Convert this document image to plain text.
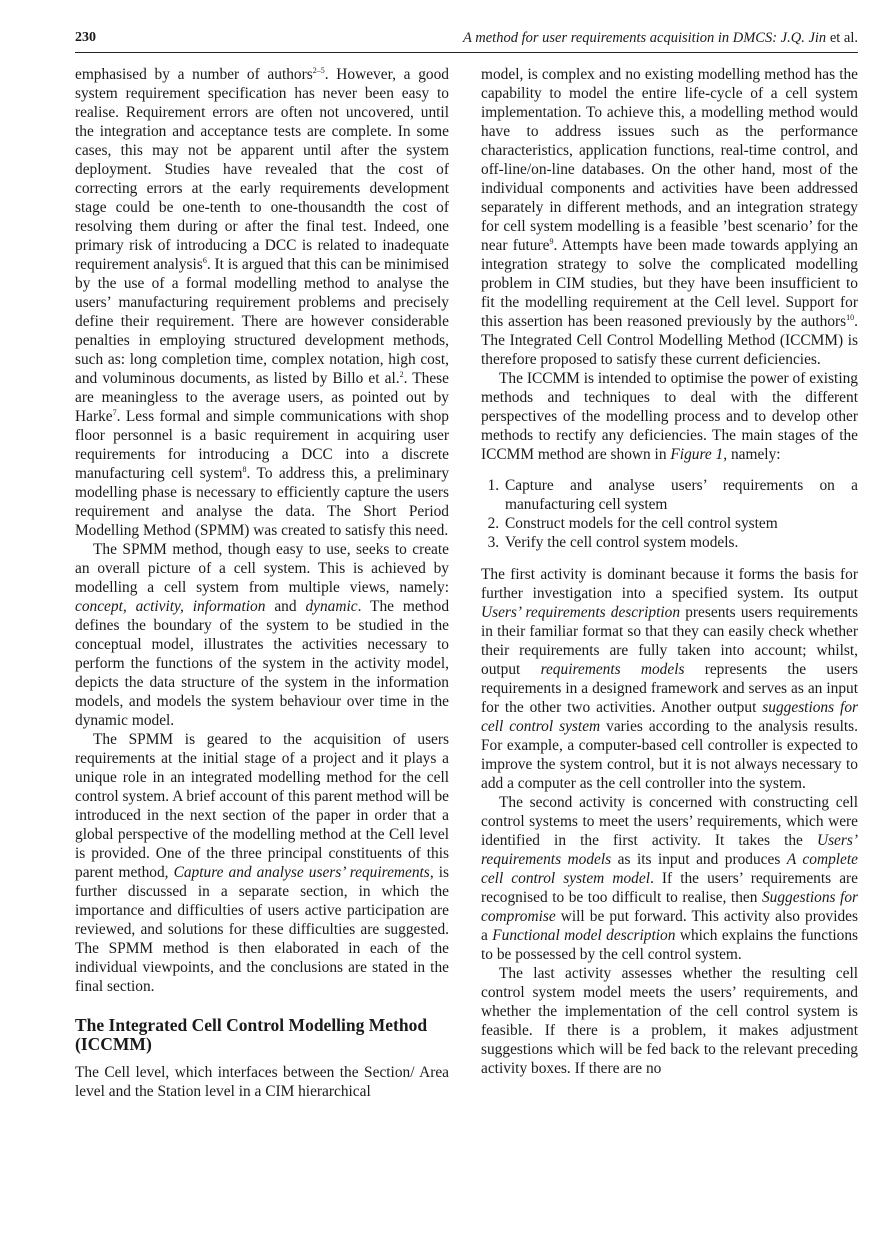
230	A method for user requirements acquisition in DMCS: J.Q. Jin et al.

emphasised by a number of authors$^{2-5}$. However, a good system requirement specification has never been easy to realise. Requirement errors are often not uncovered, until the integration and acceptance tests are complete. In some cases, this may not be apparent until after the system deployment. Studies have revealed that the cost of correcting errors at the early requirements development stage could be one-tenth to one-thousandth the cost of resolving them during or after the final test. Indeed, one primary risk of introducing a DCC is related to inadequate requirement analysis$^6$. It is argued that this can be minimised by the use of a formal modelling method to analyse the users’ manufacturing requirement problems and precisely define their requirement. There are however considerable penalties in employing structured development methods, such as: long completion time, complex notation, high cost, and voluminous documents, as listed by Billo et al.$^2$. These are meaningless to the average users, as pointed out by Harke$^7$. Less formal and simple communications with shop floor personnel is a basic requirement in acquiring user requirements for introducing a DCC into a discrete manufacturing cell system$^8$. To address this, a preliminary modelling phase is necessary to efficiently capture the users requirement and analyse the data. The Short Period Modelling Method (SPMM) was created to satisfy this need.

The SPMM method, though easy to use, seeks to create an overall picture of a cell system. This is achieved by modelling a cell system from multiple views, namely: concept, activity, information and dynamic. The method defines the boundary of the system to be studied in the conceptual model, illustrates the activities necessary to perform the functions of the system in the activity model, depicts the data structure of the system in the information models, and models the system behaviour over time in the dynamic model.

The SPMM is geared to the acquisition of users requirements at the initial stage of a project and it plays a unique role in an integrated modelling method for the cell control system. A brief account of this parent method will be introduced in the next section of the paper in order that a global perspective of the modelling method at the Cell level is provided. One of the three principal constituents of this parent method, Capture and analyse users’ requirements, is further discussed in a separate section, in which the importance and difficulties of users active participation are reviewed, and solutions for these difficulties are suggested. The SPMM method is then elaborated in each of the individual viewpoints, and the conclusions are stated in the final section.

The Integrated Cell Control Modelling Method (ICCMM)

The Cell level, which interfaces between the Section/ Area level and the Station level in a CIM hierarchical

model, is complex and no existing modelling method has the capability to model the entire life-cycle of a cell system implementation. To achieve this, a modelling method would have to address issues such as the performance characteristics, application functions, real-time control, and off-line/on-line databases. On the other hand, most of the individual components and activities have been addressed separately in different methods, and an integration strategy for cell system modelling is a feasible ’best scenario’ for the near future$^9$. Attempts have been made towards applying an integration strategy to solve the complicated modelling problem in CIM studies, but they have been insufficient to fit the modelling requirement at the Cell level. Support for this assertion has been reasoned previously by the authors$^{10}$. The Integrated Cell Control Modelling Method (ICCMM) is therefore proposed to satisfy these current deficiencies.

The ICCMM is intended to optimise the power of existing methods and techniques to deal with the different perspectives of the modelling process and to develop other methods to rectify any deficiencies. The main stages of the ICCMM method are shown in Figure 1, namely:

1. Capture and analyse users’ requirements on a manufacturing cell system
2. Construct models for the cell control system
3. Verify the cell control system models.

The first activity is dominant because it forms the basis for further investigation into a specified system. Its output Users’ requirements description presents users requirements in their familiar format so that they can easily check whether their requirements are fully taken into account; whilst, output requirements models represents the users requirements in a designed framework and serves as an input for the other two activities. Another output suggestions for cell control system varies according to the analysis results. For example, a computer-based cell controller is expected to improve the system control, but it is not always necessary to add a computer as the cell controller into the system.

The second activity is concerned with constructing cell control systems to meet the users’ requirements, which were identified in the first activity. It takes the Users’ requirements models as its input and produces A complete cell control system model. If the users’ requirements are recognised to be too difficult to realise, then Suggestions for compromise will be put forward. This activity also provides a Functional model description which explains the functions to be possessed by the cell control system.

The last activity assesses whether the resulting cell control system model meets the users’ requirements, and whether the implementation of the cell control system is feasible. If there is a problem, it makes adjustment suggestions which will be fed back to the relevant preceding activity boxes. If there are no
